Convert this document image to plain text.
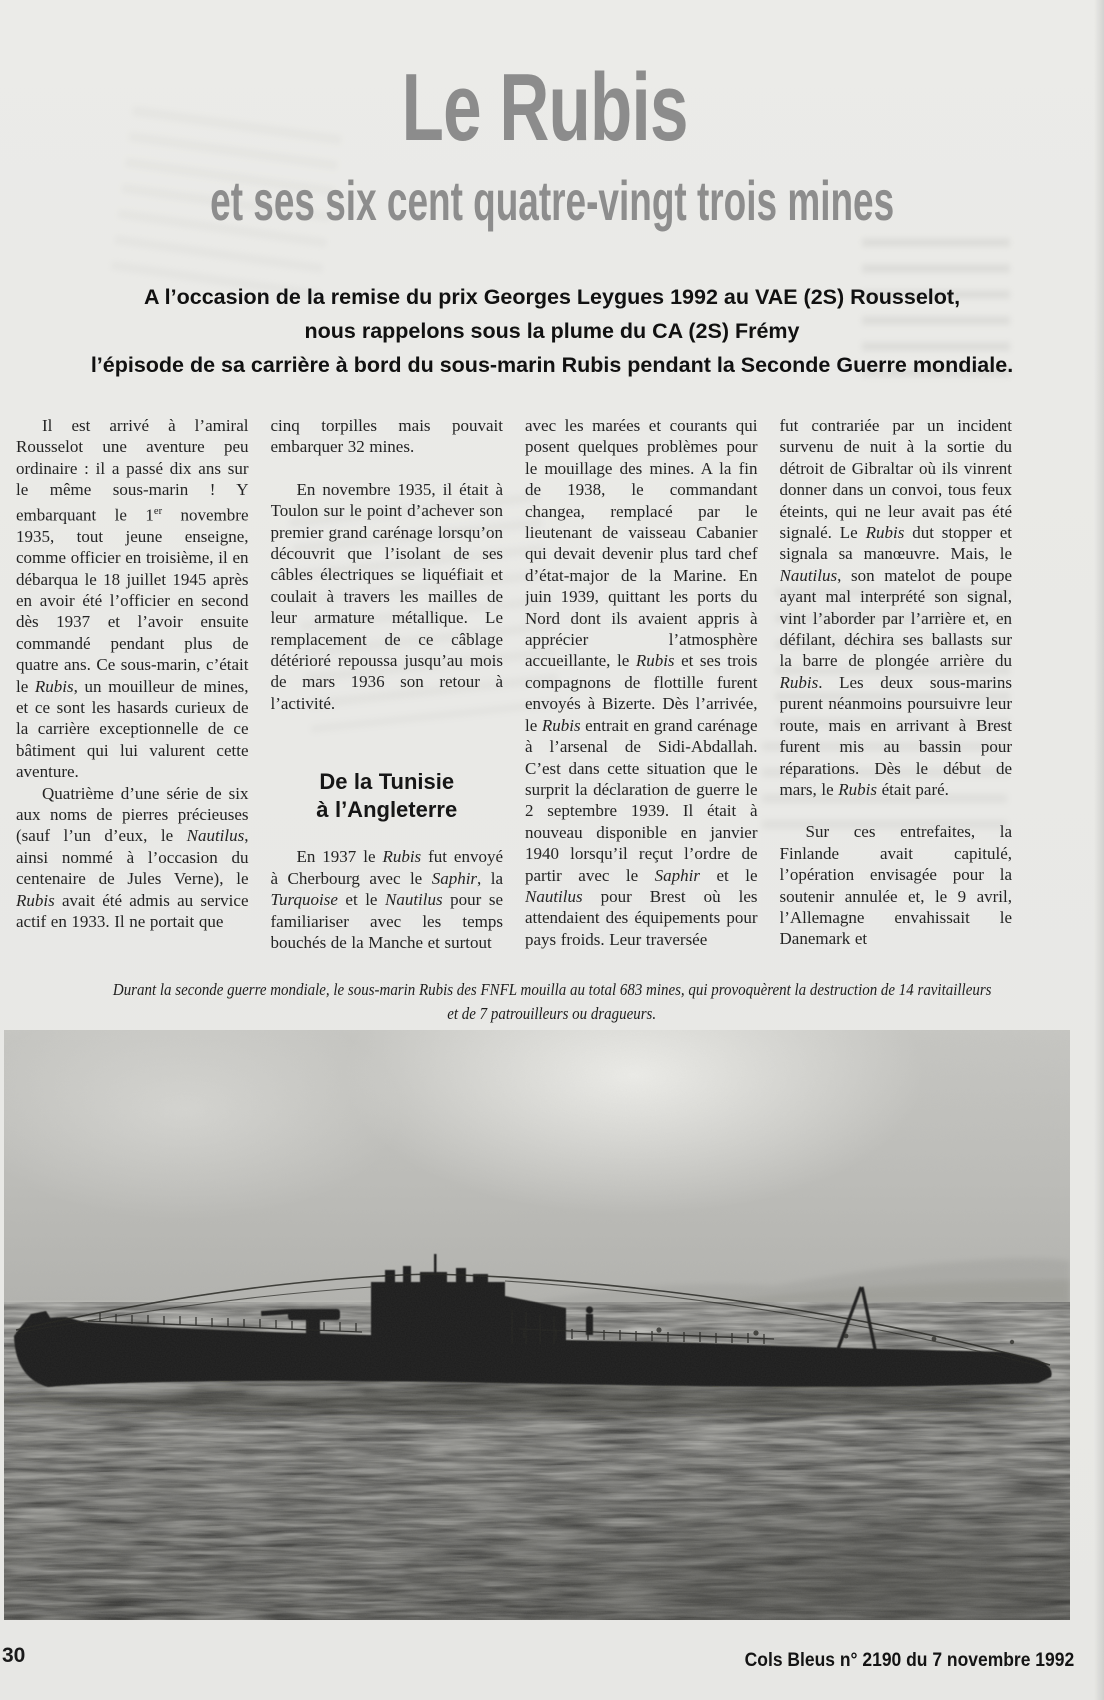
Le Rubis
et ses six cent quatre-vingt trois mines

A l’occasion de la remise du prix Georges Leygues 1992 au VAE (2S) Rousselot,

nous rappelons sous la plume du CA (2S) Frémy

l’épisode de sa carrière à bord du sous-marin Rubis pendant la Seconde Guerre mondiale.

Il est arrivé à l’amiral Rousselot une aventure peu ordinaire : il a passé dix ans sur le même sous-marin ! Y embarquant le 1er novembre 1935, tout jeune enseigne, comme officier en troisième, il en débarqua le 18 juillet 1945 après en avoir été l’officier en second dès 1937 et l’avoir ensuite commandé pendant plus de quatre ans. Ce sous-marin, c’était le Rubis, un mouilleur de mines, et ce sont les hasards curieux de la carrière exceptionnelle de ce bâtiment qui lui valurent cette aventure.

Quatrième d’une série de six aux noms de pierres précieuses (sauf l’un d’eux, le Nautilus, ainsi nommé à l’occasion du centenaire de Jules Verne), le Rubis avait été admis au service actif en 1933. Il ne portait que

cinq torpilles mais pouvait embarquer 32 mines.

En novembre 1935, il était à Toulon sur le point d’achever son premier grand carénage lorsqu’on découvrit que l’isolant de ses câbles électriques se liquéfiait et coulait à travers les mailles de leur armature métallique. Le remplacement de ce câblage détérioré repoussa jusqu’au mois de mars 1936 son retour à l’activité.

De la Tunisie
à l’Angleterre

En 1937 le Rubis fut envoyé à Cherbourg avec le Saphir, la Turquoise et le Nautilus pour se familiariser avec les temps bouchés de la Manche et surtout

avec les marées et courants qui posent quelques problèmes pour le mouillage des mines. A la fin de 1938, le commandant changea, remplacé par le lieutenant de vaisseau Cabanier qui devait devenir plus tard chef d’état-major de la Marine. En juin 1939, quittant les ports du Nord dont ils avaient appris à apprécier l’atmosphère accueillante, le Rubis et ses trois compagnons de flottille furent envoyés à Bizerte. Dès l’arrivée, le Rubis entrait en grand carénage à l’arsenal de Sidi-Abdallah. C’est dans cette situation que le surprit la déclaration de guerre le 2 septembre 1939. Il était à nouveau disponible en janvier 1940 lorsqu’il reçut l’ordre de partir avec le Saphir et le Nautilus pour Brest où les attendaient des équipements pour pays froids. Leur traversée

fut contrariée par un incident survenu de nuit à la sortie du détroit de Gibraltar où ils vinrent donner dans un convoi, tous feux éteints, qui ne leur avait pas été signalé. Le Rubis dut stopper et signala sa manœuvre. Mais, le Nautilus, son matelot de poupe ayant mal interprété son signal, vint l’aborder par l’arrière et, en défilant, déchira ses ballasts sur la barre de plongée arrière du Rubis. Les deux sous-marins purent néanmoins poursuivre leur route, mais en arrivant à Brest furent mis au bassin pour réparations. Dès le début de mars, le Rubis était paré.

Sur ces entrefaites, la Finlande avait capitulé, l’opération envisagée pour la soutenir annulée et, le 9 avril, l’Allemagne envahissait le Danemark et

Durant la seconde guerre mondiale, le sous-marin Rubis des FNFL mouilla au total 683 mines, qui provoquèrent la destruction de 14 ravitailleurs
et de 7 patrouilleurs ou dragueurs.

30	Cols Bleus n° 2190 du 7 novembre 1992
